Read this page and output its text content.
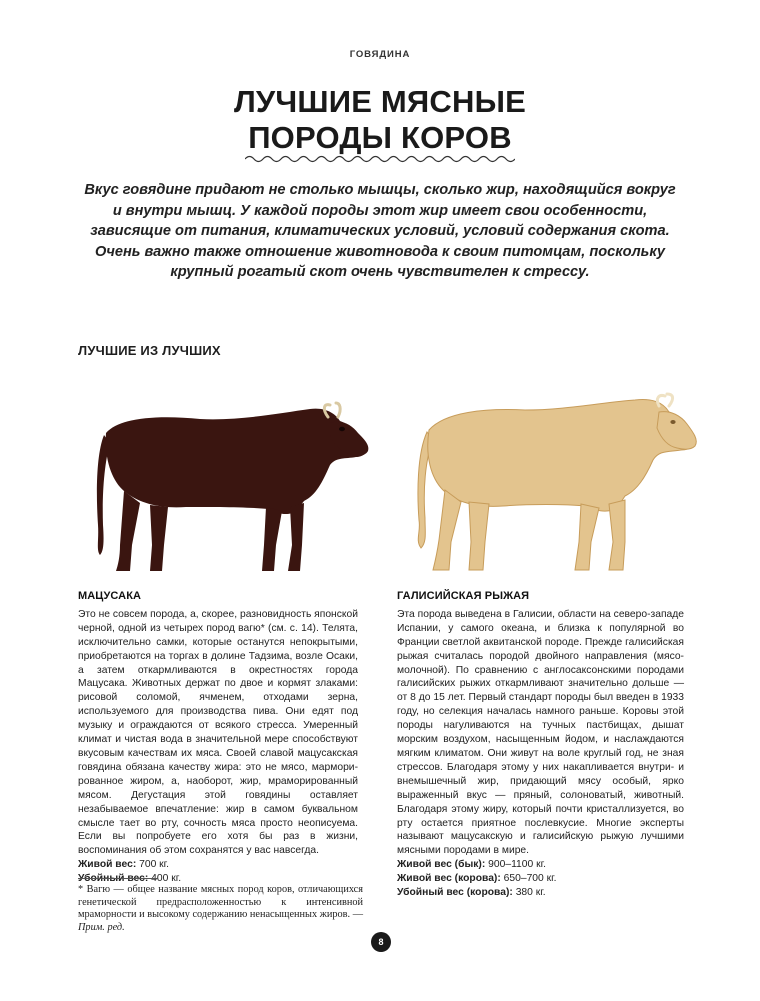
ГОВЯДИНА
ЛУЧШИЕ МЯСНЫЕ
ПОРОДЫ КОРОВ
Вкус говядине придают не столько мышцы, сколько жир, находящийся вокруг и внутри мышц. У каждой породы этот жир имеет свои особенности, зависящие от питания, климатических условий, условий содержания скота. Очень важно также отношение животновода к своим питомцам, поскольку крупный рогатый скот очень чувствителен к стрессу.
ЛУЧШИЕ ИЗ ЛУЧШИХ
МАЦУСАКА

Это не совсем порода, а, скорее, разновидность японской черной, одной из четырех пород вагю* (см. с. 14). Телята, исключительно самки, которые останутся непокрытыми, приобретаются на торгах в долине Тадзима, возле Осаки, а затем откармливаются в окрестностях города Мацусака. Животных держат по двое и кормят злаками: рисовой соломой, ячменем, отходами зерна, используемого для производства пива. Они едят под музыку и ограждаются от всякого стресса. Умеренный климат и чистая вода в значительной мере способствуют вкусовым качествам их мяса. Своей славой мацусакская говядина обязана качеству жира: это не мясо, марморированное жиром, а, наоборот, жир, мраморированный мясом. Дегустация этой говядины оставляет незабываемое впечатление: жир в самом буквальном смысле тает во рту, сочность мяса просто неописуема. Если вы попробуете его хотя бы раз в жизни, воспоминания об этом сохранятся у вас навсегда.

Живой вес: 700 кг.

Убойный вес: 400 кг.

ГАЛИСИЙСКАЯ РЫЖАЯ

Эта порода выведена в Галисии, области на северо-западе Испании, у самого океана, и близка к популярной во Франции светлой аквитанской породе. Прежде галисийская рыжая считалась породой двойного направления (мясо-молочной). По сравнению с англосаксонскими породами галисийских рыжих откармливают значительно дольше — от 8 до 15 лет. Первый стандарт породы был введен в 1933 году, но селекция началась намного раньше. Коровы этой породы нагуливаются на тучных пастбищах, дышат морским воздухом, насыщенным йодом, и наслаждаются мягким климатом. Они живут на воле круглый год, не зная стрессов. Благодаря этому у них накапливается внутри- и внемышечный жир, придающий мясу особый, ярко выраженный вкус — пряный, солоноватый, животный. Благодаря этому жиру, который почти кристаллизуется, во рту остается приятное послевкусие. Многие эксперты называют мацусакскую и галисийскую рыжую лучшими мясными породами в мире.

Живой вес (бык): 900–1100 кг.

Живой вес (корова): 650–700 кг.

Убойный вес (корова): 380 кг.

* Вагю — общее название мясных пород коров, отличающихся генетической предрасположенностью к интенсивной мраморности и высокому содержанию ненасыщенных жиров. — Прим. ред.
8
